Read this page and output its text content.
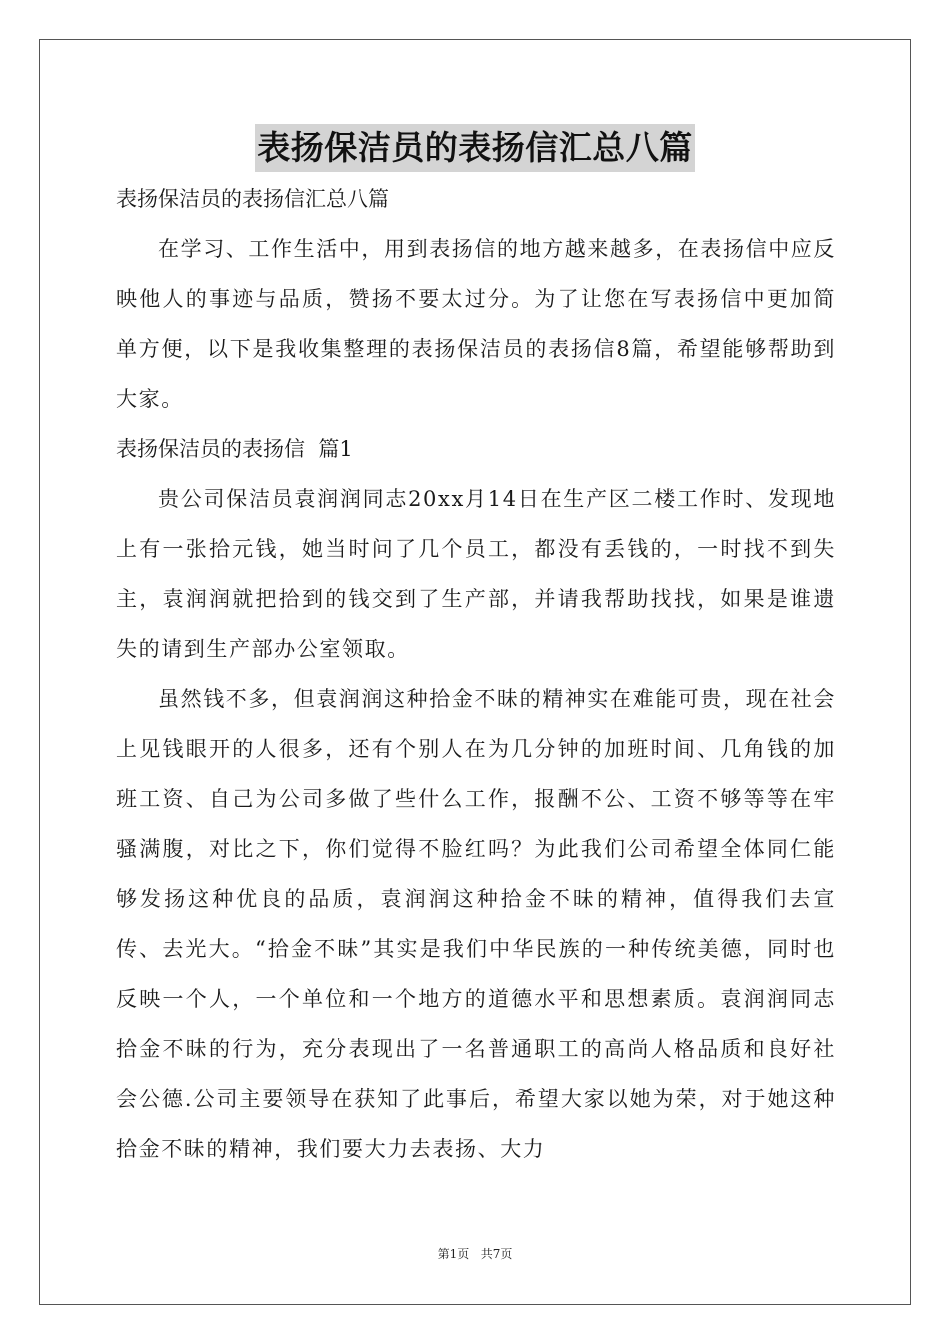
表扬保洁员的表扬信汇总八篇

表扬保洁员的表扬信汇总八篇

在学习、工作生活中，用到表扬信的地方越来越多，在表扬信中应反映他人的事迹与品质，赞扬不要太过分。为了让您在写表扬信中更加简单方便，以下是我收集整理的表扬保洁员的表扬信8篇，希望能够帮助到大家。

表扬保洁员的表扬信  篇1

贵公司保洁员袁润润同志20xx月14日在生产区二楼工作时、发现地上有一张拾元钱，她当时问了几个员工，都没有丢钱的，一时找不到失主，袁润润就把拾到的钱交到了生产部，并请我帮助找找，如果是谁遗失的请到生产部办公室领取。

虽然钱不多，但袁润润这种拾金不昧的精神实在难能可贵，现在社会上见钱眼开的人很多，还有个别人在为几分钟的加班时间、几角钱的加班工资、自己为公司多做了些什么工作，报酬不公、工资不够等等在牢骚满腹，对比之下，你们觉得不脸红吗？为此我们公司希望全体同仁能够发扬这种优良的品质，袁润润这种拾金不昧的精神，值得我们去宣传、去光大。“拾金不昧”其实是我们中华民族的一种传统美德，同时也反映一个人，一个单位和一个地方的道德水平和思想素质。袁润润同志拾金不昧的行为，充分表现出了一名普通职工的高尚人格品质和良好社会公德.公司主要领导在获知了此事后，希望大家以她为荣，对于她这种拾金不昧的精神，我们要大力去表扬、大力

第1页   共7页
